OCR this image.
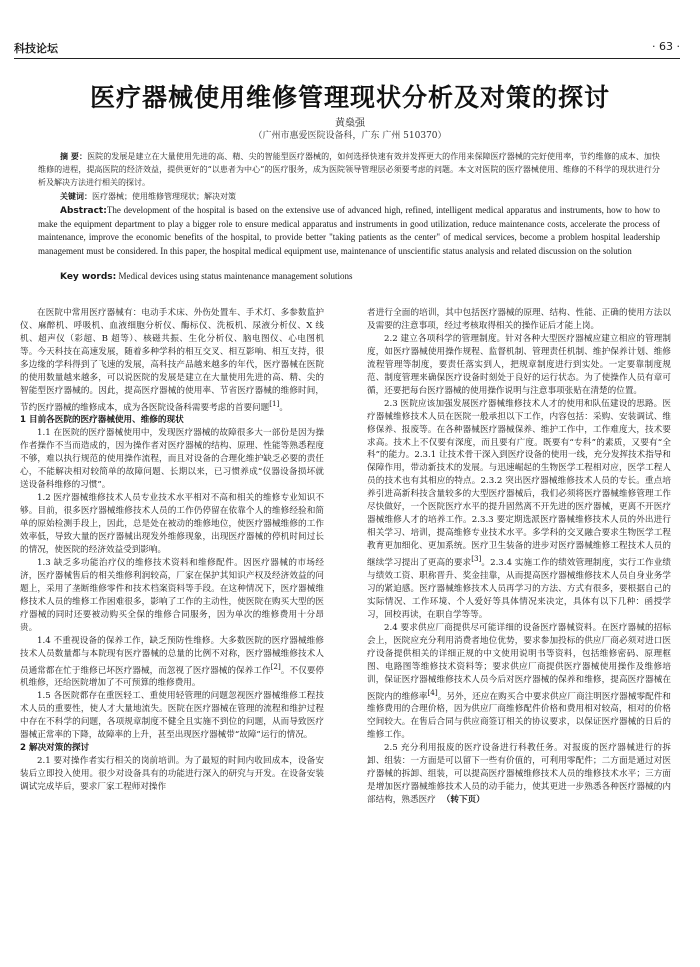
科技论坛	· 63 ·
医疗器械使用维修管理现状分析及对策的探讨
黄燊强
（广州市惠爱医院设备科，广东 广州 510370）
摘 要：医院的发展是建立在大量使用先进的高、精、尖的智能型医疗器械的，如何选择快速有效并发挥更大的作用来保障医疗器械的完好使用率，节约维修的成本、加快维修的进程，提高医院的经济效益，提供更好的“以患者为中心”的医疗服务，成为医院领导管理层必须要考虑的问题。本文对医院的医疗器械使用、维修的不科学的现状进行分析及解决方法进行相关的探讨。
关键词：医疗器械；使用维修管理现状；解决对策
Abstract:The development of the hospital is based on the extensive use of advanced high, refined, intelligent medical apparatus and instruments, how to how to make the equipment department to play a bigger role to ensure medical apparatus and instruments in good utilization, reduce maintenance costs, accelerate the process of maintenance, improve the economic benefits of the hospital, to provide better "taking patients as the center" of medical services, become a problem hospital leadership management must be considered. In this paper, the hospital medical equipment use, maintenance of unscientific status analysis and related discussion on the solution
Key words: Medical devices using status maintenance management solutions

在医院中常用医疗器械有：电动手术床、外伤处置车、手术灯、多参数监护仪、麻醉机、呼吸机、血液细胞分析仪、酶标仪、洗板机、尿液分析仪、X 线机、超声仪（彩超、B 超等）、核磁共振、生化分析仪、脑电图仪、心电图机等。今天科技在高速发展，随着多种学科的相互交叉、相互影响、相互支持，很多边缘的学科得到了飞速的发展，高科技产品越来越多的年代，医疗器械在医院的使用数量越来越多，可以说医院的发展是建立在大量使用先进的高、精、尖的智能型医疗器械的。因此，提高医疗器械的使用率、节省医疗器械的维修时间，节约医疗器械的维修成本，成为各医院设备科需要考虑的首要问题[1]。

1 目前各医院的医疗器械使用、维修的现状

1.1 在医院的医疗器械使用中，发现医疗器械的故障很多大一部份是因为操作者操作不当而造成的，因为操作者对医疗器械的结构、原理、性能等熟悉程度不够，难以执行规范的使用操作流程，而且对设备的合理化维护缺乏必要的责任心，不能解决相对较简单的故障问题、长期以来，已习惯养成“仪器设备损坏就送设备科维修的习惯”。

1.2 医疗器械维修技术人员专业技术水平相对不高和相关的维修专业知识不够。目前，很多医疗器械维修技术人员的工作仍停留在依靠个人的维修经验和简单的原始检测手段上，因此，总是处在被动的维修地位，使医疗器械维修的工作效率低，导致大量的医疗器械出现发外维修现象，出现医疗器械的停机时间过长的情况，使医院的经济效益受到影响。

1.3 缺乏多功能治疗仪的维修技术资料和维修配件。因医疗器械的市场经济，医疗器械售后的相关维修利润较高，厂家在保护其知识产权及经济效益的问题上，采用了垄断维修零件和技术档案资料等手段。在这种情况下，医疗器械维修技术人员的维修工作困难很多，影响了工作的主动性，使医院在购买大型的医疗器械的同时还要被动购买全保的维修合同服务，因为单次的维修费用十分昂贵。

1.4 不重视设备的保养工作，缺乏预防性维修。大多数医院的医疗器械维修技术人员数量都与本院现有医疗器械的总量的比例不对称，医疗器械维修技术人员通常都在忙于维修已坏医疗器械，而忽视了医疗器械的保养工作[2]。不仅要停机维修，还给医院增加了不可预算的维修费用。

1.5 各医院都存在重医轻工、重使用轻管理的问题忽视医疗器械维修工程技术人员的重要性，使人才大量地流失。医院在医疗器械在管理的流程和维护过程中存在不科学的问题，各项规章制度不健全且实施不到位的问题，从而导致医疗器械正常率的下降，故障率的上升，甚至出现医疗器械带“故障”运行的情况。

2 解决对策的探讨

2.1 要对操作者实行相关的岗前培训。为了最短的时间内收回成本，设备安装后立即投入使用。很少对设备具有的功能进行深入的研究与开发。在设备安装调试完成毕后，要求厂家工程师对操作

者进行全面的培训，其中包括医疗器械的原理、结构、性能、正确的使用方法以及需要的注意事项，经过考核取得相关的操作证后才能上岗。

2.2 建立各项科学的管理制度。针对各种大型医疗器械应建立相应的管理制度，如医疗器械使用操作规程、监督机制、管理责任机制、维护保养计划、维修流程管理等制度，要责任落实到人，把规章制度进行到实处。一定要靠制度规范、制度管理来确保医疗设备时刻处于良好的运行状态。为了使操作人员有章可循，还要把每台医疗器械的使用操作说明与注意事项张贴在清楚的位置。

2.3 医院应该加强发展医疗器械维修技术人才的使用和队伍建设的思路。医疗器械维修技术人员在医院一般承担以下工作，内容包括：采购、安装调试、维修保养、报废等。在各种器械医疗器械保养、维护工作中，工作难度大，技术要求高。技术上不仅要有深度，而且要有广度。既要有“专科”的素质，又要有“全科”的能力。2.3.1 让技术骨干深入到医疗设备的使用一线，充分发挥技术指导和保障作用，带动新技术的发展。与迅速崛起的生物医学工程相对应，医学工程人员的技术也有其相应的特点。2.3.2 突出医疗器械维修技术人员的专长。重点培养引进高新科技含量较多的大型医疗器械后，我们必须将医疗器械维修管理工作尽快做好，一个医院医疗水平的提升固然离不开先进的医疗器械，更离不开医疗器械维修人才的培养工作。2.3.3 要定期选派医疗器械维修技术人员的外出进行相关学习、培训，提高维修专业技术水平。多学科的交叉融合要求生物医学工程教育更加细化、更加系统。医疗卫生装备的进步对医疗器械维修工程技术人员的继续学习提出了更高的要求[3]。2.3.4 实施工作的绩效管理制度，实行工作业绩与绩效工资、职称晋升、奖金挂靠，从而提高医疗器械维修技术人员自身业务学习的紧迫感。医疗器械维修技术人员再学习的方法、方式有很多，要根据自己的实际情况、工作环境、个人爱好等具体情况来决定，具体有以下几种：函授学习，回校再读，在职自学等等。

2.4 要求供应厂商提供尽可能详细的设备医疗器械资料。在医疗器械的招标会上，医院应充分利用消费者地位优势，要求参加投标的供应厂商必须对进口医疗设备提供相关的详细正规的中文使用说明书等资料，包括维修密码、原理框图、电路图等维修技术资料等；要求供应厂商提供医疗器械使用操作及维修培训，保证医疗器械维修技术人员今后对医疗器械的保养和维修，提高医疗器械在医院内的维修率[4]。另外，还应在购买合中要求供应厂商注明医疗器械零配件和维修费用的合理价格，因为供应厂商维修配件价格和费用相对较高，相对的价格空间较大。在售后合同与供应商签订相关的协议要求，以保证医疗器械的日后的维修工作。

2.5 充分利用报废的医疗设备进行科教任务。对报废的医疗器械进行的拆卸、组装：一方面是可以留下一些有价值的，可利用零配件；二方面是通过对医疗器械的拆卸、组装，可以提高医疗器械维修技术人员的维修技术水平；三方面是增加医疗器械维修技术人员的动手能力，使其更进一步熟悉各种医疗器械的内部结构，熟悉医疗 （转下页）
